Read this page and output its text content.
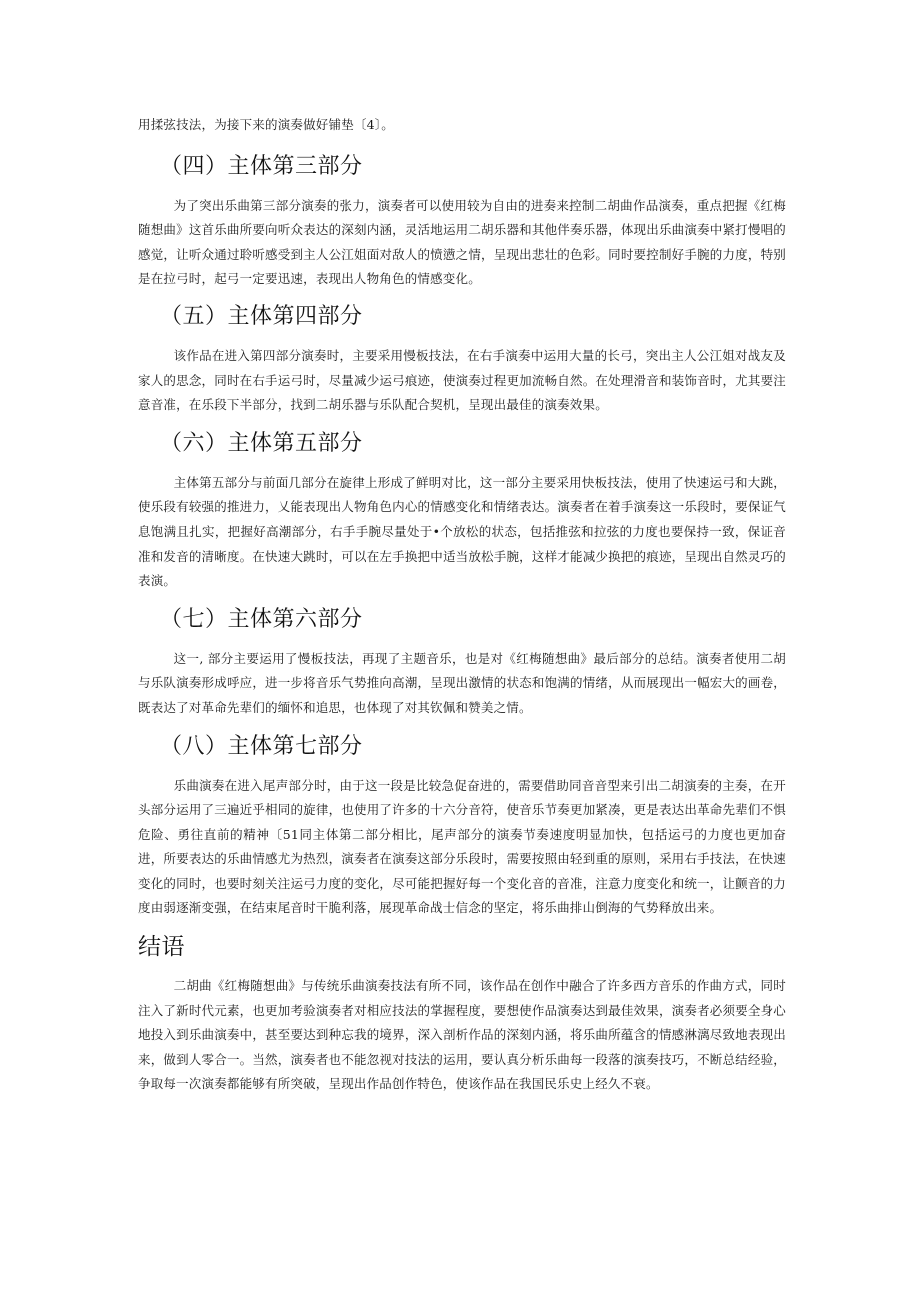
用揉弦技法，为接下来的演奏做好铺垫〔4〕。

（四）主体第三部分

为了突出乐曲第三部分演奏的张力，演奏者可以使用较为自由的进奏来控制二胡曲作品演奏，重点把握《红梅随想曲》这首乐曲所要向听众表达的深刻内涵，灵活地运用二胡乐器和其他伴奏乐器，体现出乐曲演奏中紧打慢唱的感觉，让听众通过聆听感受到主人公江姐面对敌人的愤懑之情，呈现出悲壮的色彩。同时要控制好手腕的力度，特别是在拉弓时，起弓一定要迅速，表现出人物角色的情感变化。

（五）主体第四部分

该作品在进入第四部分演奏时，主要采用慢板技法，在右手演奏中运用大量的长弓，突出主人公江姐对战友及家人的思念，同时在右手运弓时，尽量减少运弓痕迹，使演奏过程更加流畅自然。在处理滑音和装饰音时，尤其要注意音准，在乐段下半部分，找到二胡乐器与乐队配合契机，呈现出最佳的演奏效果。

（六）主体第五部分

主体第五部分与前面几部分在旋律上形成了鲜明对比，这一部分主要采用快板技法，使用了快速运弓和大跳，使乐段有较强的推进力，乂能表现出人物角色内心的情感变化和情绪表达。演奏者在着手演奏这一乐段时，要保证气息饱满且扎实，把握好高潮部分，右手手腕尽量处于•个放松的状态，包括推弦和拉弦的力度也要保持一致，保证音准和发音的清晰度。在快速大跳时，可以在左手换把中适当放松手腕，这样才能减少换把的痕迹，呈现出自然灵巧的表演。

（七）主体第六部分

这一, 部分主要运用了慢板技法，再现了主题音乐，也是对《红梅随想曲》最后部分的总结。演奏者使用二胡与乐队演奏形成呼应，进一步将音乐气势推向高潮，呈现出激情的状态和饱满的情绪，从而展现出一幅宏大的画卷，既表达了对革命先辈们的缅怀和追思，也体现了对其钦佩和赞美之情。

（八）主体第七部分

乐曲演奏在进入尾声部分时，由于这一段是比较急促奋进的，需要借助同音音型来引出二胡演奏的主奏，在开头部分运用了三遍近乎相同的旋律，也使用了许多的十六分音符，使音乐节奏更加紧凑，更是表达出革命先辈们不惧危险、勇往直前的精神〔51同主体第二部分相比，尾声部分的演奏节奏速度明显加快，包括运弓的力度也更加奋进，所要表达的乐曲情感尤为热烈，演奏者在演奏这部分乐段时，需要按照由轻到重的原则，采用右手技法，在快速变化的同时，也要时刻关注运弓力度的变化，尽可能把握好每一个变化音的音准，注意力度变化和统一，让颤音的力度由弱逐渐变强，在结束尾音时干脆利落，展现革命战士信念的坚定，将乐曲排山倒海的气势释放出来。

结语

二胡曲《红梅随想曲》与传统乐曲演奏技法有所不同，该作品在创作中融合了许多西方音乐的作曲方式，同时注入了新时代元素，也更加考验演奏者对相应技法的掌握程度，要想使作品演奏达到最佳效果，演奏者必须要全身心地投入到乐曲演奏中，甚至要达到种忘我的境界，深入剖析作品的深刻内涵，将乐曲所蕴含的情感淋漓尽致地表现出来，做到人零合一。当然，演奏者也不能忽视对技法的运用，要认真分析乐曲每一段落的演奏技巧，不断总结经验，争取每一次演奏都能够有所突破，呈现出作品创作特色，使该作品在我国民乐史上经久不衰。
